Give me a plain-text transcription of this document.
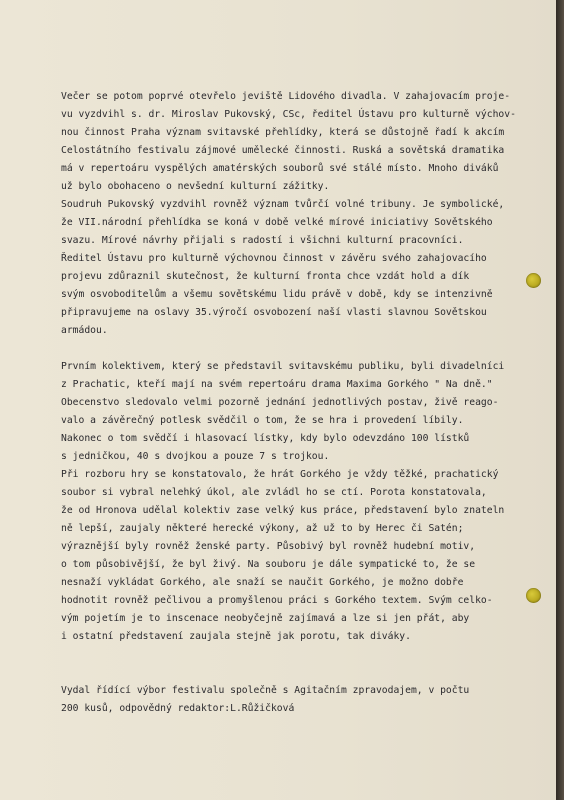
Večer se potom poprvé otevřelo jeviště Lidového divadla. V zahajovacím proje-
vu vyzdvihl s. dr. Miroslav Pukovský, CSc, ředitel Ústavu pro kulturně výchov-
nou činnost Praha význam svitavské přehlídky, která se důstojně řadí k akcím
Celostátního festivalu zájmové umělecké činnosti. Ruská a sovětská dramatika
má v repertoáru vyspělých amatérských souborů své stálé místo. Mnoho diváků
už bylo obohaceno o nevšední kulturní zážitky.
Soudruh Pukovský vyzdvihl rovněž význam tvůrčí volné tribuny. Je symbolické,
že VII.národní přehlídka se koná v době velké mírové iniciativy Sovětského
svazu. Mírové návrhy přijali s radostí i všichni kulturní pracovníci.
Ředitel Ústavu pro kulturně výchovnou činnost v závěru svého zahajovacího
projevu zdůraznil skutečnost, že kulturní fronta chce vzdát hold a dík
svým osvoboditelům a všemu sovětskému lidu právě v době, kdy se intenzivně
připravujeme na oslavy 35.výročí osvobození naší vlasti slavnou Sovětskou
armádou.
Prvním kolektivem, který se představil svitavskému publiku, byli divadelníci
z Prachatic, kteří mají na svém repertoáru drama Maxima Gorkého " Na dně."
Obecenstvo sledovalo velmi pozorně jednání jednotlivých postav, živě reago-
valo a závěrečný potlesk svědčil o tom, že se hra i provedení líbily.
Nakonec o tom svědčí i hlasovací lístky, kdy bylo odevzdáno 100 lístků
s jedničkou, 40 s dvojkou a pouze 7 s trojkou.
Při rozboru hry se konstatovalo, že hrát Gorkého je vždy těžké, prachatický
soubor si vybral nelehký úkol, ale zvládl ho se ctí. Porota konstatovala,
že od Hronova udělal kolektiv zase velký kus práce, představení bylo znateln
ně lepší, zaujaly některé herecké výkony, až už to by Herec či Satén;
výraznější byly rovněž ženské party. Působivý byl rovněž hudební motiv,
o tom působivější, že byl živý. Na souboru je dále sympatické to, že se
nesnaží vykládat Gorkého, ale snaží se naučit Gorkého, je možno dobře
hodnotit rovněž pečlivou a promyšlenou práci s Gorkého textem. Svým celko-
vým pojetím je to inscenace neobyčejně zajímavá a lze si jen přát, aby
i ostatní představení zaujala stejně jak porotu, tak diváky.
Vydal řídící výbor festivalu společně s Agitačním zpravodajem, v počtu
200 kusů, odpovědný redaktor:L.Růžičková
